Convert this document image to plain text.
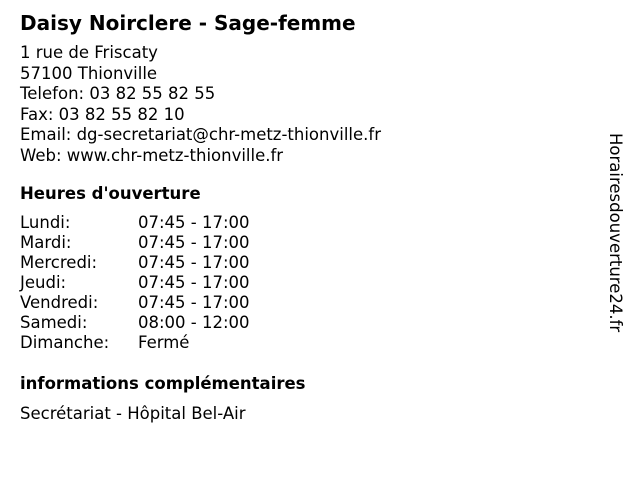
Daisy Noirclere - Sage-femme
1 rue de Friscaty
57100 Thionville
Telefon: 03 82 55 82 55
Fax: 03 82 55 82 10
Email: dg-secretariat@chr-metz-thionville.fr
Web: www.chr-metz-thionville.fr
Heures d'ouverture
Lundi:	07:45 - 17:00
Mardi:	07:45 - 17:00
Mercredi:	07:45 - 17:00
Jeudi:	07:45 - 17:00
Vendredi:	07:45 - 17:00
Samedi:	08:00 - 12:00
Dimanche:	Fermé
informations complémentaires
Secrétariat - Hôpital Bel-Air
Horairesdouverture24.fr
